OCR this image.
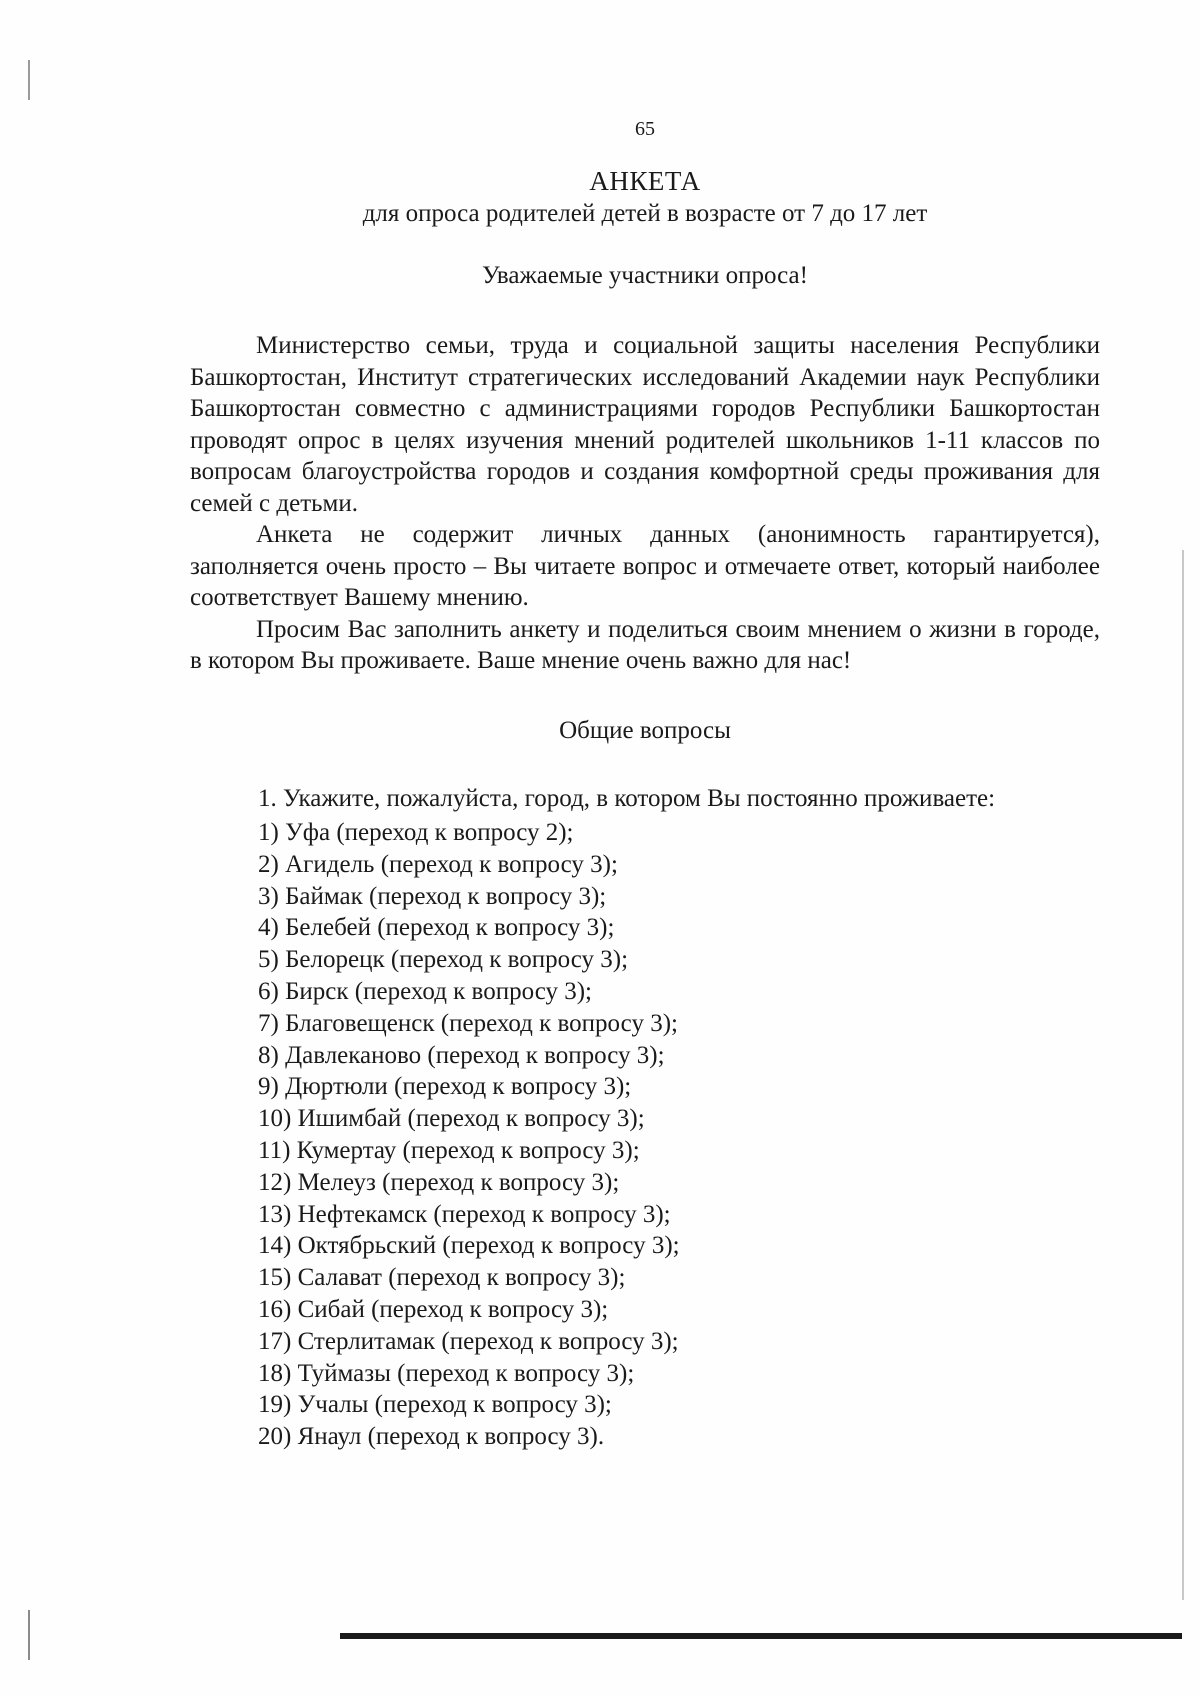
65
АНКЕТА
для опроса родителей детей в возрасте от 7 до 17 лет
Уважаемые участники опроса!

Министерство семьи, труда и социальной защиты населения Республики Башкортостан, Институт стратегических исследований Академии наук Республики Башкортостан совместно с администрациями городов Республики Башкортостан проводят опрос в целях изучения мнений родителей школьников 1-11 классов по вопросам благоустройства городов и создания комфортной среды проживания для семей с детьми.

Анкета не содержит личных данных (анонимность гарантируется), заполняется очень просто – Вы читаете вопрос и отмечаете ответ, который наиболее соответствует Вашему мнению.

Просим Вас заполнить анкету и поделиться своим мнением о жизни в городе, в котором Вы проживаете. Ваше мнение очень важно для нас!

Общие вопросы
1. Укажите, пожалуйста, город, в котором Вы постоянно проживаете:
1) Уфа (переход к вопросу 2);
2) Агидель (переход к вопросу 3);
3) Баймак (переход к вопросу 3);
4) Белебей (переход к вопросу 3);
5) Белорецк (переход к вопросу 3);
6) Бирск (переход к вопросу 3);
7) Благовещенск (переход к вопросу 3);
8) Давлеканово (переход к вопросу 3);
9) Дюртюли (переход к вопросу 3);
10) Ишимбай (переход к вопросу 3);
11) Кумертау (переход к вопросу 3);
12) Мелеуз (переход к вопросу 3);
13) Нефтекамск (переход к вопросу 3);
14) Октябрьский (переход к вопросу 3);
15) Салават (переход к вопросу 3);
16) Сибай (переход к вопросу 3);
17) Стерлитамак (переход к вопросу 3);
18) Туймазы (переход к вопросу 3);
19) Учалы (переход к вопросу 3);
20) Янаул (переход к вопросу 3).
